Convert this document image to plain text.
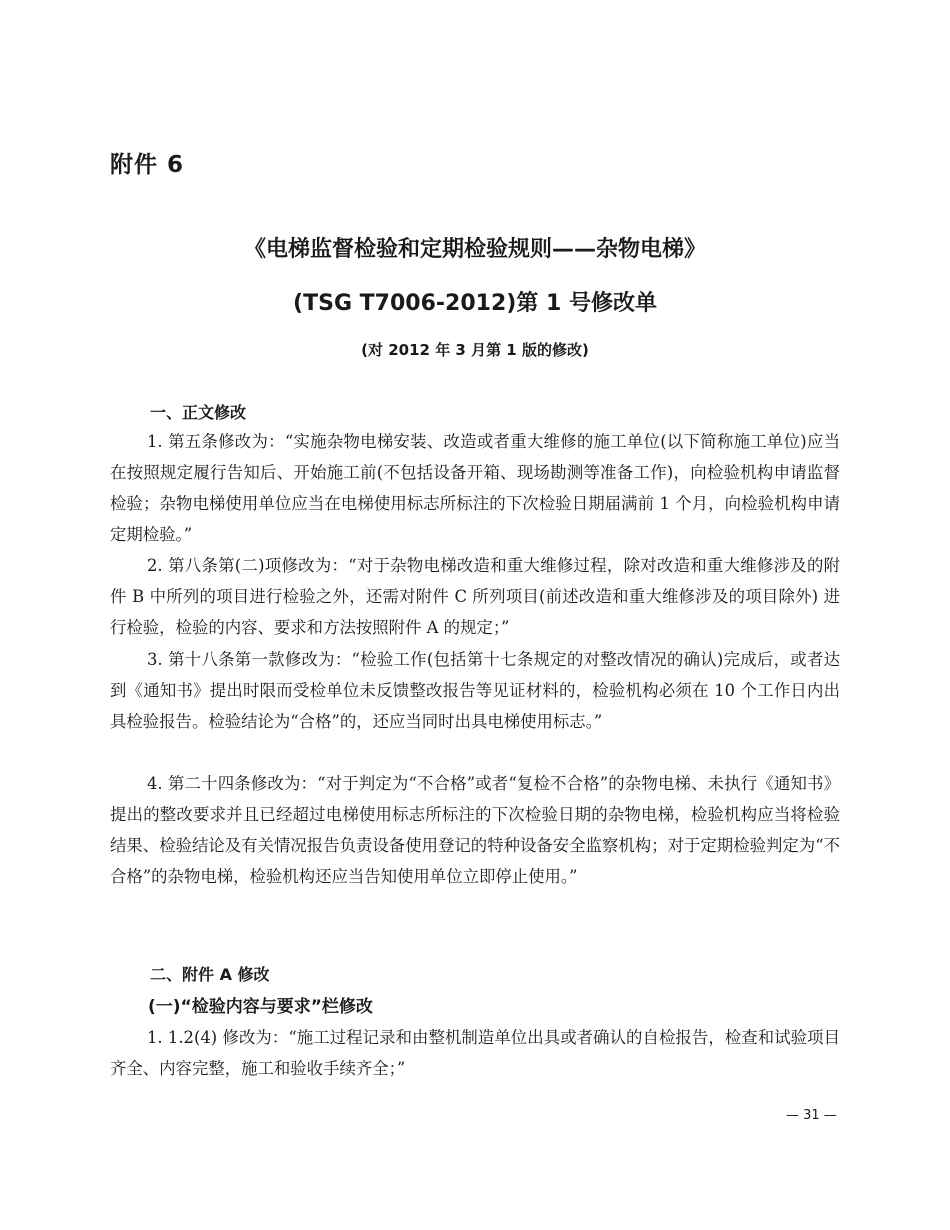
附件 6
《电梯监督检验和定期检验规则——杂物电梯》
(TSG T7006-2012)第 1 号修改单
(对 2012 年 3 月第 1 版的修改)
一、正文修改

1. 第五条修改为：“实施杂物电梯安装、改造或者重大维修的施工单位(以下简称施工单位)应当在按照规定履行告知后、开始施工前(不包括设备开箱、现场勘测等准备工作)，向检验机构申请监督检验；杂物电梯使用单位应当在电梯使用标志所标注的下次检验日期届满前 1 个月，向检验机构申请定期检验。”

2. 第八条第(二)项修改为：“对于杂物电梯改造和重大维修过程，除对改造和重大维修涉及的附件 B 中所列的项目进行检验之外，还需对附件 C 所列项目(前述改造和重大维修涉及的项目除外) 进行检验，检验的内容、要求和方法按照附件 A 的规定；”

3. 第十八条第一款修改为：“检验工作(包括第十七条规定的对整改情况的确认)完成后，或者达到《通知书》提出时限而受检单位未反馈整改报告等见证材料的，检验机构必须在 10 个工作日内出具检验报告。检验结论为“合格”的，还应当同时出具电梯使用标志。”

4. 第二十四条修改为：“对于判定为“不合格”或者“复检不合格”的杂物电梯、未执行《通知书》提出的整改要求并且已经超过电梯使用标志所标注的下次检验日期的杂物电梯，检验机构应当将检验结果、检验结论及有关情况报告负责设备使用登记的特种设备安全监察机构；对于定期检验判定为“不合格”的杂物电梯，检验机构还应当告知使用单位立即停止使用。”

二、附件 A 修改
(一)“检验内容与要求”栏修改

1. 1.2(4) 修改为：“施工过程记录和由整机制造单位出具或者确认的自检报告，检查和试验项目齐全、内容完整，施工和验收手续齐全；”

— 31 —
